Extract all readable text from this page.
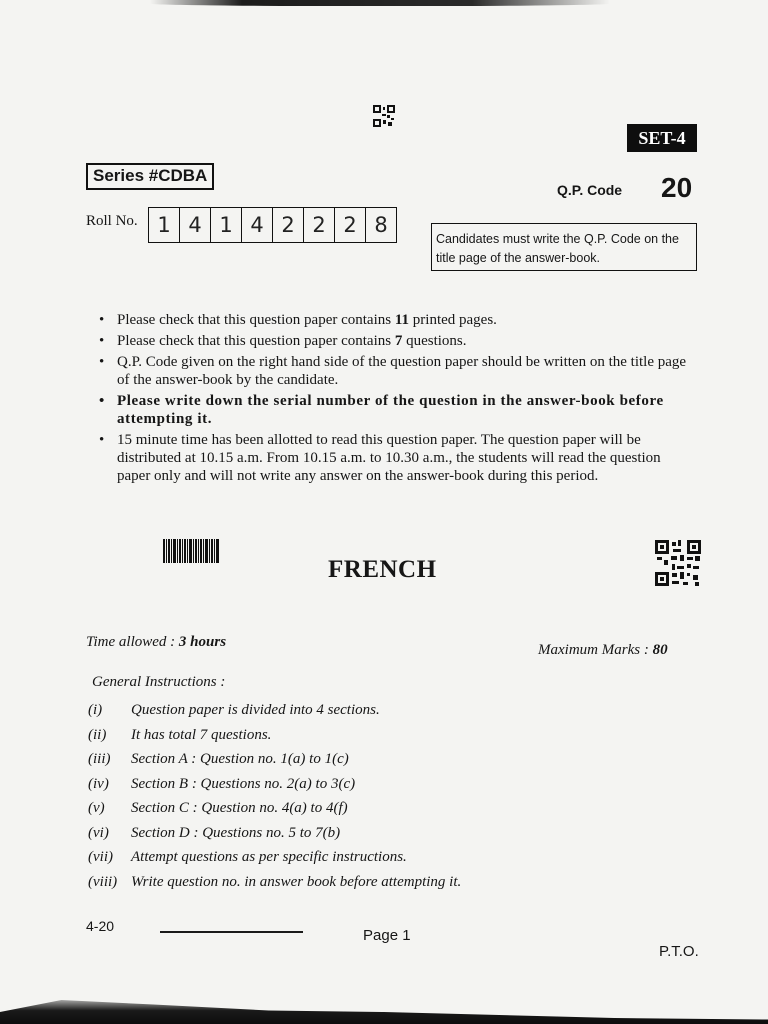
SET-4
Series #CDBA
Q.P. Code 20
Roll No. 1 4 1 4 2 2 2 8
Candidates must write the Q.P. Code on the title page of the answer-book.
• Please check that this question paper contains 11 printed pages.
• Please check that this question paper contains 7 questions.
• Q.P. Code given on the right hand side of the question paper should be written on the title page of the answer-book by the candidate.
• Please write down the serial number of the question in the answer-book before attempting it.
• 15 minute time has been allotted to read this question paper. The question paper will be distributed at 10.15 a.m. From 10.15 a.m. to 10.30 a.m., the students will read the question paper only and will not write any answer on the answer-book during this period.
FRENCH
Time allowed : 3 hours	Maximum Marks : 80
General Instructions :
(i)	Question paper is divided into 4 sections.
(ii)	It has total 7 questions.
(iii)	Section A : Question no. 1(a) to 1(c)
(iv)	Section B : Questions no. 2(a) to 3(c)
(v)	Section C : Question no. 4(a) to 4(f)
(vi)	Section D : Questions no. 5 to 7(b)
(vii)	Attempt questions as per specific instructions.
(viii) Write question no. in answer book before attempting it.
4-20
Page 1
P.T.O.
